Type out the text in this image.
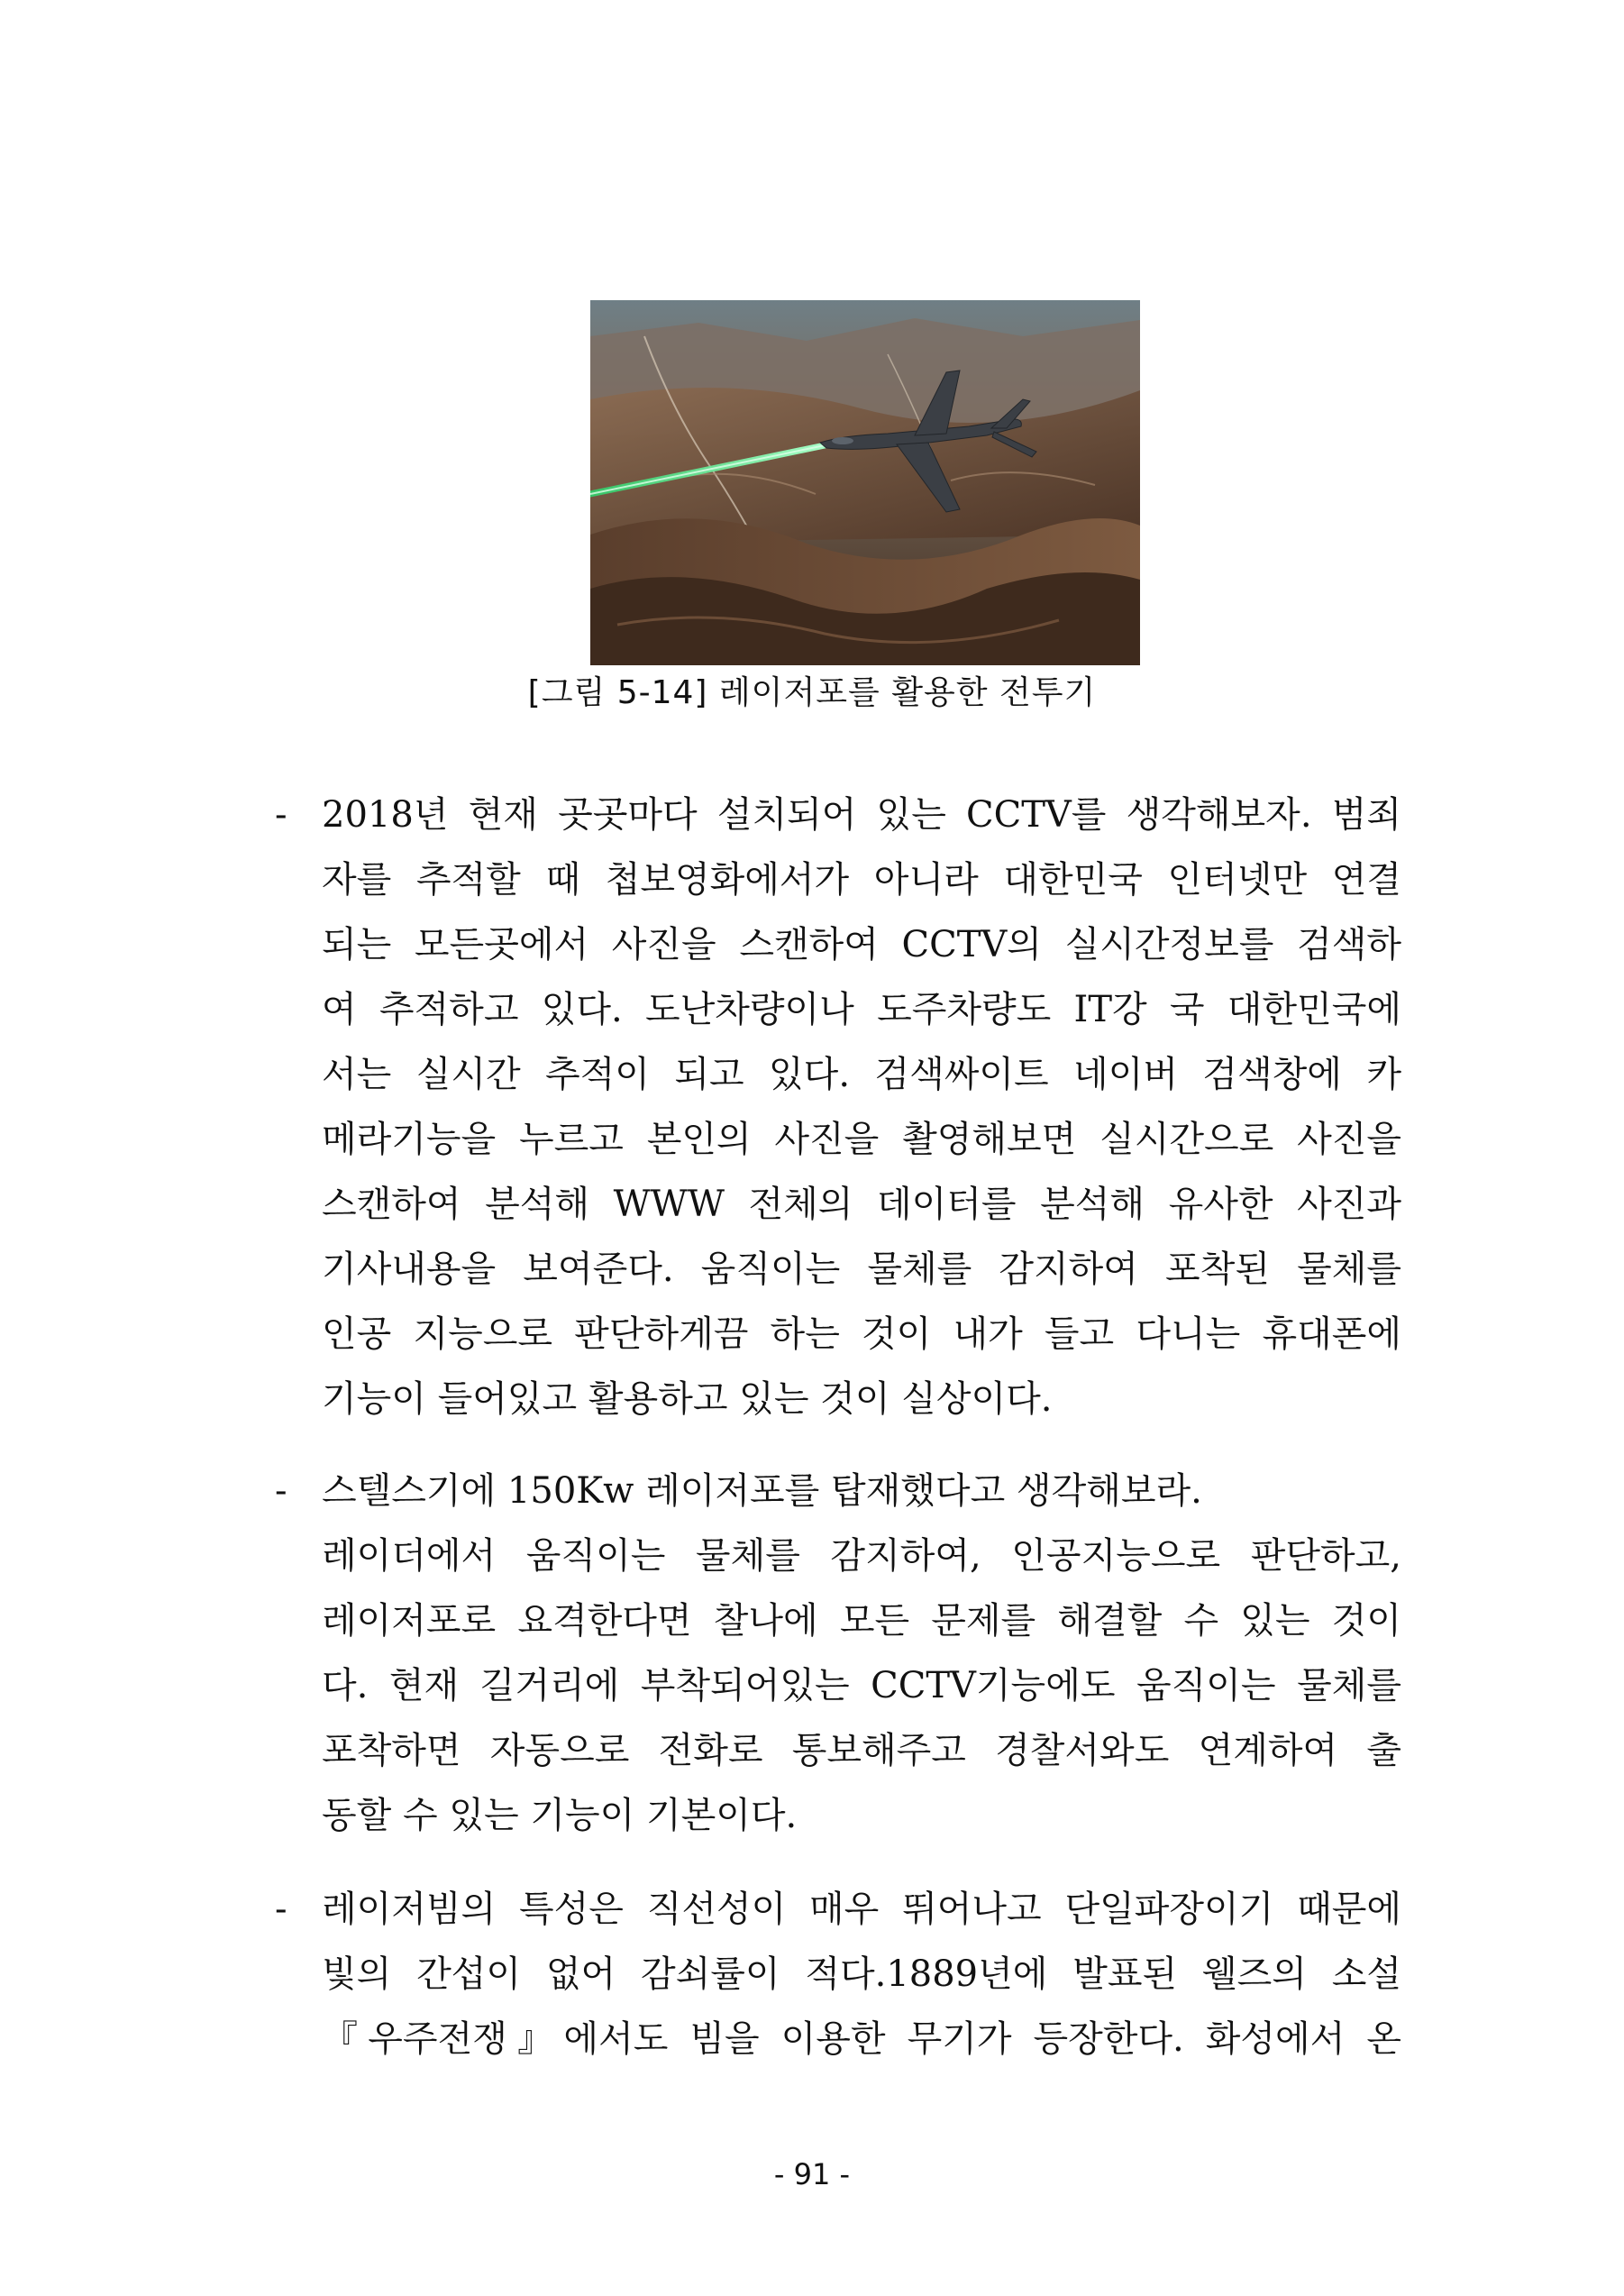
[그림 5-14] 레이저포를 활용한 전투기

- 2018년 현재 곳곳마다 설치되어 있는 CCTV를 생각해보자. 범죄
자를 추적할 때 첩보영화에서가 아니라 대한민국 인터넷만 연결
되는 모든곳에서 사진을 스캔하여 CCTV의 실시간정보를 검색하
여 추적하고 있다. 도난차량이나 도주차량도 IT강 국 대한민국에
서는 실시간 추적이 되고 있다. 검색싸이트 네이버 검색창에 카
메라기능을 누르고 본인의 사진을 촬영해보면 실시간으로 사진을
스캔하여 분석해 WWW 전체의 데이터를 분석해 유사한 사진과
기사내용을 보여준다. 움직이는 물체를 감지하여 포착된 물체를
인공 지능으로 판단하게끔 하는 것이 내가 들고 다니는 휴대폰에
기능이 들어있고 활용하고 있는 것이 실상이다.
- 스텔스기에 150Kw 레이저포를 탑재했다고 생각해보라.
레이더에서 움직이는 물체를 감지하여, 인공지능으로 판단하고,
레이저포로 요격한다면 찰나에 모든 문제를 해결할 수 있는 것이
다. 현재 길거리에 부착되어있는 CCTV기능에도 움직이는 물체를
포착하면 자동으로 전화로 통보해주고 경찰서와도 연계하여 출
동할 수 있는 기능이 기본이다.
- 레이저빔의 특성은 직선성이 매우 뛰어나고 단일파장이기 때문에
빛의 간섭이 없어 감쇠률이 적다.1889년에 발표된 웰즈의 소설
『우주전쟁』에서도 빔을 이용한 무기가 등장한다. 화성에서 온

- 91 -
